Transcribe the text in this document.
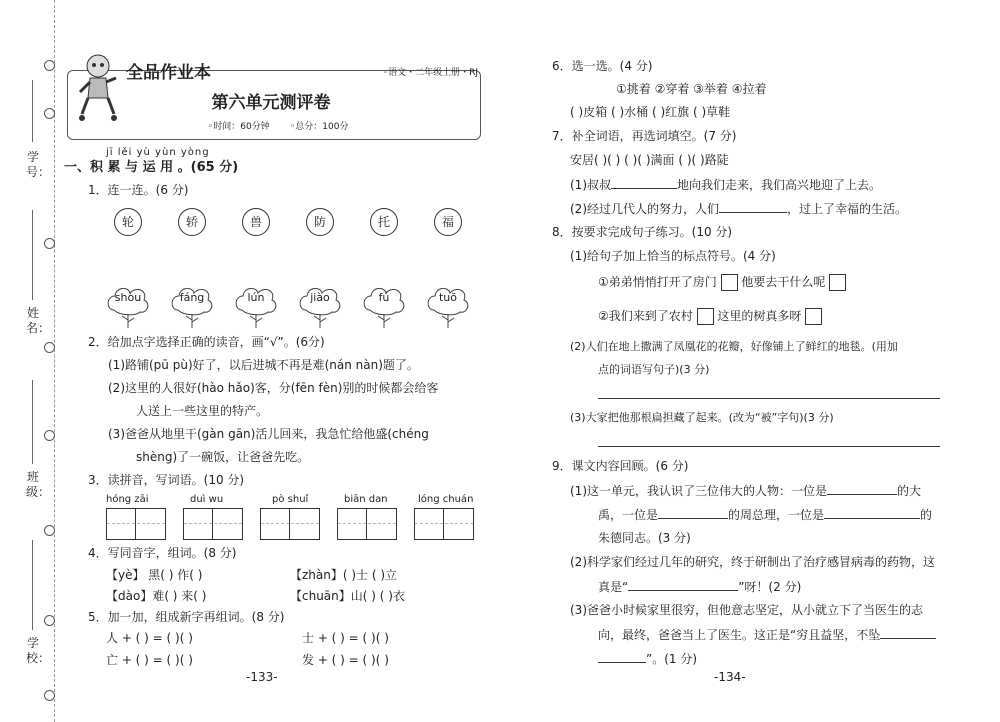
学号：
姓名：
班级：
学校：
全品作业本	◦语文・二年级上册・RJ
第六单元测评卷
◦时间：60分钟 ◦总分：100分
jī lěi yù yùn yòng
一、积 累 与 运 用 。(65 分)
1．连一连。(6 分)
轮	轿	兽	防	托	福
shòu	fáng	lún	jiào	fú	tuō
2．给加点字选择正确的读音，画“√”。(6分)
(1)路铺(pū pù)好了，以后进城不再是难(nán nàn)题了。
(2)这里的人很好(hào hǎo)客，分(fēn fèn)别的时候都会给客
人送上一些这里的特产。
(3)爸爸从地里干(gàn gān)活儿回来，我急忙给他盛(chéng
shèng)了一碗饭，让爸爸先吃。
3．读拼音，写词语。(10 分)
hóng zāi	duì wu	pò shuǐ	biān dan	lóng chuán
4．写同音字，组词。(8 分)
【yè】 黑( ) 作( )	【zhàn】( )士 ( )立
【dào】难( ) 来( )	【chuān】山( ) ( )衣
5．加一加，组成新字再组词。(8 分)
人 + ( ) = ( )( )	士 + ( ) = ( )( )
亡 + ( ) = ( )( )	发 + ( ) = ( )( )
-133-
6．选一选。(4 分)
①挑着 ②穿着 ③举着 ④拉着
( )皮箱 ( )水桶 ( )红旗 ( )草鞋
7．补全词语，再选词填空。(7 分)
安居( )( ) ( )( )满面 ( )( )路陡
(1)叔叔	地向我们走来，我们高兴地迎了上去。
(2)经过几代人的努力，人们	，过上了幸福的生活。
8．按要求完成句子练习。(10 分)
(1)给句子加上恰当的标点符号。(4 分)
①弟弟悄悄打开了房门 他要去干什么呢
②我们来到了农村 这里的树真多呀
(2)人们在地上撒满了凤凰花的花瓣，好像铺上了鲜红的地毯。(用加
点的词语写句子)(3 分)
(3)大家把他那根扁担藏了起来。(改为“被”字句)(3 分)
9．课文内容回顾。(6 分)
(1)这一单元，我认识了三位伟大的人物：一位是	的大
禹，一位是	的周总理，一位是	的
朱德同志。(3 分)
(2)科学家们经过几年的研究，终于研制出了治疗感冒病毒的药物，这
真是“	”呀！(2 分)
(3)爸爸小时候家里很穷，但他意志坚定，从小就立下了当医生的志
向，最终，爸爸当上了医生。这正是“穷且益坚，不坠
”。(1 分)
-134-
